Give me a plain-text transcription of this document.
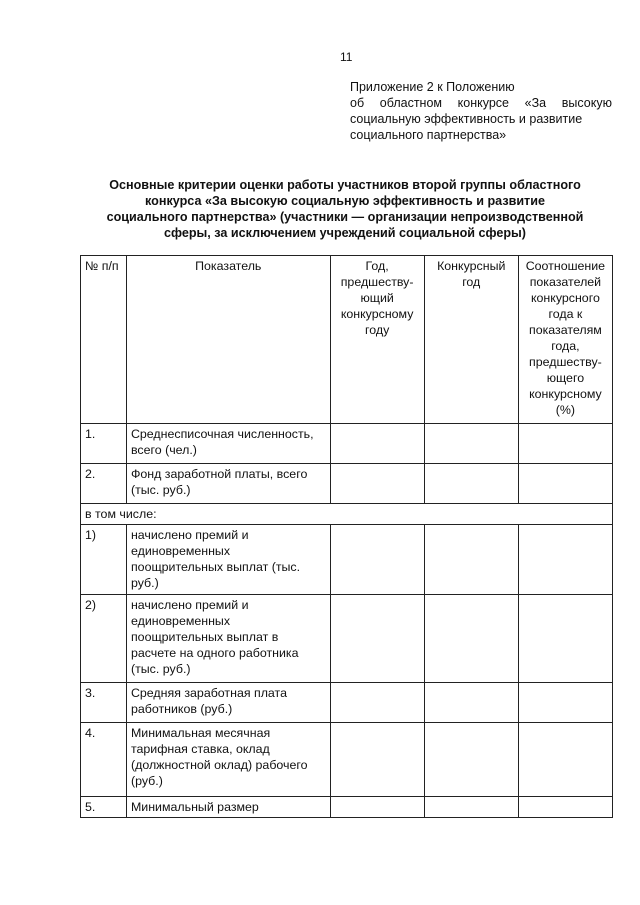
11
Приложение 2 к Положению
об областном конкурсе «За высокую
социальную эффективность и развитие
социального партнерства»
Основные критерии оценки работы участников второй группы областного
конкурса «За высокую социальную эффективность и развитие
социального партнерства» (участники — организации непроизводственной
сферы, за исключением учреждений социальной сферы)
№ п/п	Показатель	Год, предшеству-ющий конкурсному году	Конкурсный год	Соотношение показателей конкурсного года к показателям года, предшеству-ющего конкурсному (%)
1.	Среднесписочная численность, всего (чел.)			
2.	Фонд заработной платы, всего (тыс. руб.)			
в том числе:				
1)	начислено премий и единовременных поощрительных выплат (тыс. руб.)			
2)	начислено премий и единовременных поощрительных выплат в расчете на одного работника (тыс. руб.)			
3.	Средняя заработная плата работников (руб.)			
4.	Минимальная месячная тарифная ставка, оклад (должностной оклад) рабочего (руб.)			
5.	Минимальный размер			
